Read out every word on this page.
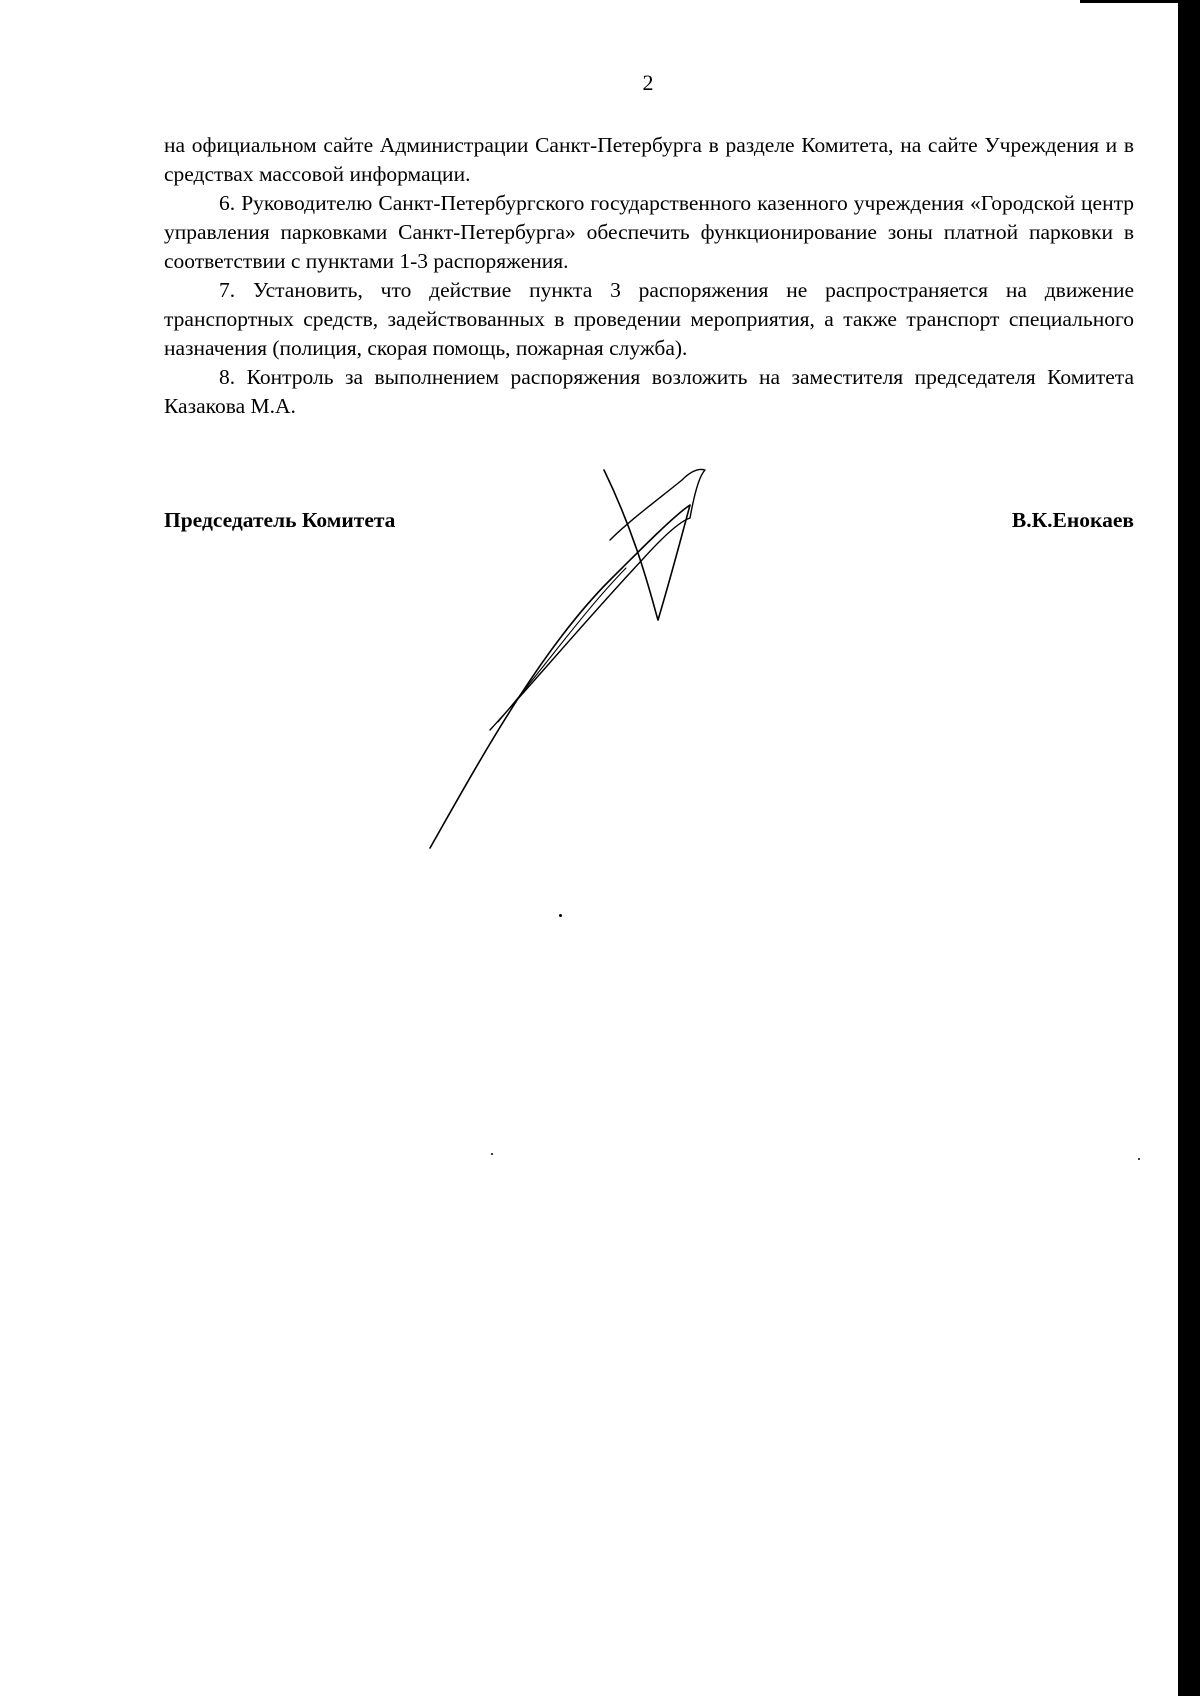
2

на официальном сайте Администрации Санкт-Петербурга в разделе Комитета, на сайте Учреждения и в средствах массовой информации.

6. Руководителю Санкт-Петербургского государственного казенного учреждения «Городской центр управления парковками Санкт-Петербурга» обеспечить функционирование зоны платной парковки в соответствии с пунктами 1-3 распоряжения.

7. Установить, что действие пункта 3 распоряжения не распространяется на движение транспортных средств, задействованных в проведении мероприятия, а также транспорт специального назначения (полиция, скорая помощь, пожарная служба).

8. Контроль за выполнением распоряжения возложить на заместителя председателя Комитета Казакова М.А.

Председатель Комитета	В.К.Енокаев
